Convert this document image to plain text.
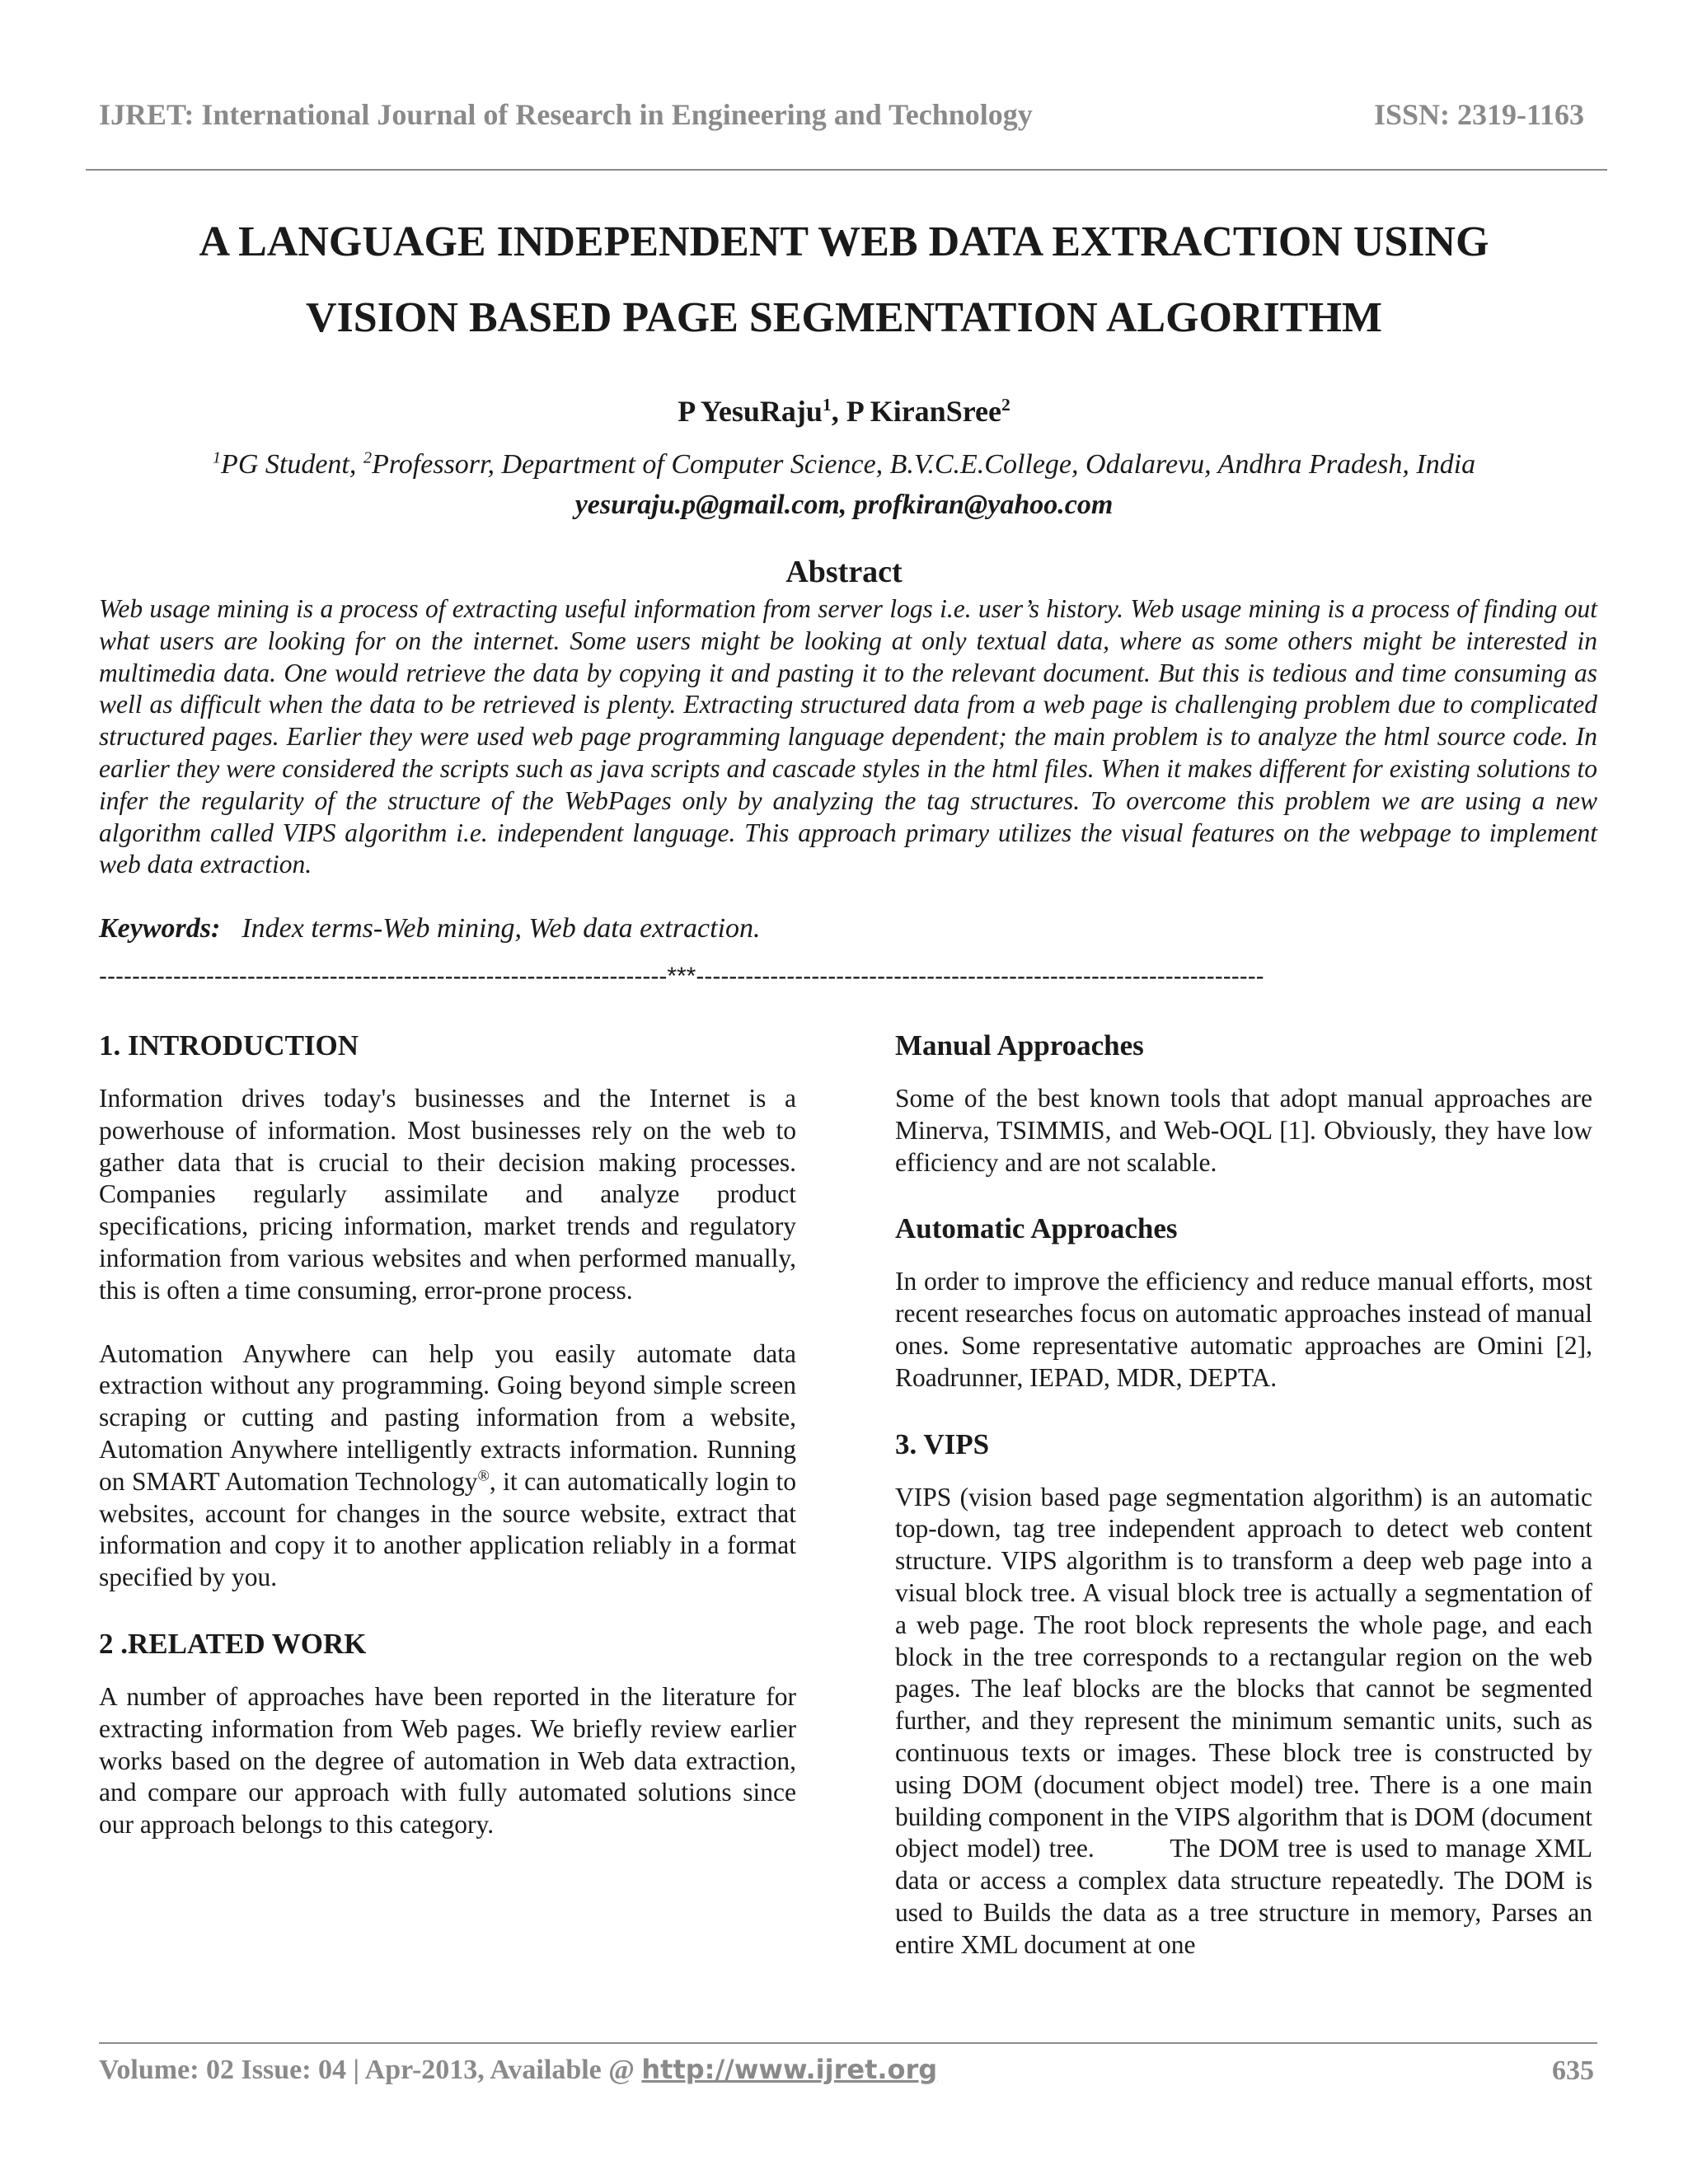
IJRET: International Journal of Research in Engineering and Technology	ISSN: 2319-1163
A LANGUAGE INDEPENDENT WEB DATA EXTRACTION USING
VISION BASED PAGE SEGMENTATION ALGORITHM
P YesuRaju$^1$, P KiranSree$^2$
$^1$PG Student, $^2$Professorr, Department of Computer Science, B.V.C.E.College, Odalarevu, Andhra Pradesh, India
yesuraju.p@gmail.com, profkiran@yahoo.com
Abstract
Web usage mining is a process of extracting useful information from server logs i.e. user’s history. Web usage mining is a process of finding out what users are looking for on the internet. Some users might be looking at only textual data, where as some others might be interested in multimedia data. One would retrieve the data by copying it and pasting it to the relevant document. But this is tedious and time consuming as well as difficult when the data to be retrieved is plenty. Extracting structured data from a web page is challenging problem due to complicated structured pages. Earlier they were used web page programming language dependent; the main problem is to analyze the html source code. In earlier they were considered the scripts such as java scripts and cascade styles in the html files. When it makes different for existing solutions to infer the regularity of the structure of the WebPages only by analyzing the tag structures. To overcome this problem we are using a new algorithm called VIPS algorithm i.e. independent language. This approach primary utilizes the visual features on the webpage to implement web data extraction.
Keywords: Index terms-Web mining, Web data extraction.
---------------------------------------------------------------------***---------------------------------------------------------------------
1. INTRODUCTION

Information drives today's businesses and the Internet is a powerhouse of information. Most businesses rely on the web to gather data that is crucial to their decision making processes. Companies regularly assimilate and analyze product specifications, pricing information, market trends and regulatory information from various websites and when performed manually, this is often a time consuming, error-prone process.

Automation Anywhere can help you easily automate data extraction without any programming. Going beyond simple screen scraping or cutting and pasting information from a website, Automation Anywhere intelligently extracts information. Running on SMART Automation Technology®, it can automatically login to websites, account for changes in the source website, extract that information and copy it to another application reliably in a format specified by you.

2 .RELATED WORK

A number of approaches have been reported in the literature for extracting information from Web pages. We briefly review earlier works based on the degree of automation in Web data extraction, and compare our approach with fully automated solutions since our approach belongs to this category.

Manual Approaches

Some of the best known tools that adopt manual approaches are Minerva, TSIMMIS, and Web-OQL [1]. Obviously, they have low efficiency and are not scalable.

Automatic Approaches

In order to improve the efficiency and reduce manual efforts, most recent researches focus on automatic approaches instead of manual ones. Some representative automatic approaches are Omini [2], Roadrunner, IEPAD, MDR, DEPTA.

3. VIPS

VIPS (vision based page segmentation algorithm) is an automatic top-down, tag tree independent approach to detect web content structure. VIPS algorithm is to transform a deep web page into a visual block tree. A visual block tree is actually a segmentation of a web page. The root block represents the whole page, and each block in the tree corresponds to a rectangular region on the web pages. The leaf blocks are the blocks that cannot be segmented further, and they represent the minimum semantic units, such as continuous texts or images. These block tree is constructed by using DOM (document object model) tree. There is a one main building component in the VIPS algorithm that is DOM (document object model) tree.         The DOM tree is used to manage XML data or access a complex data structure repeatedly. The DOM is used to Builds the data as a tree structure in memory, Parses an entire XML document at one

Volume: 02 Issue: 04 | Apr-2013, Available @ http://www.ijret.org	635
